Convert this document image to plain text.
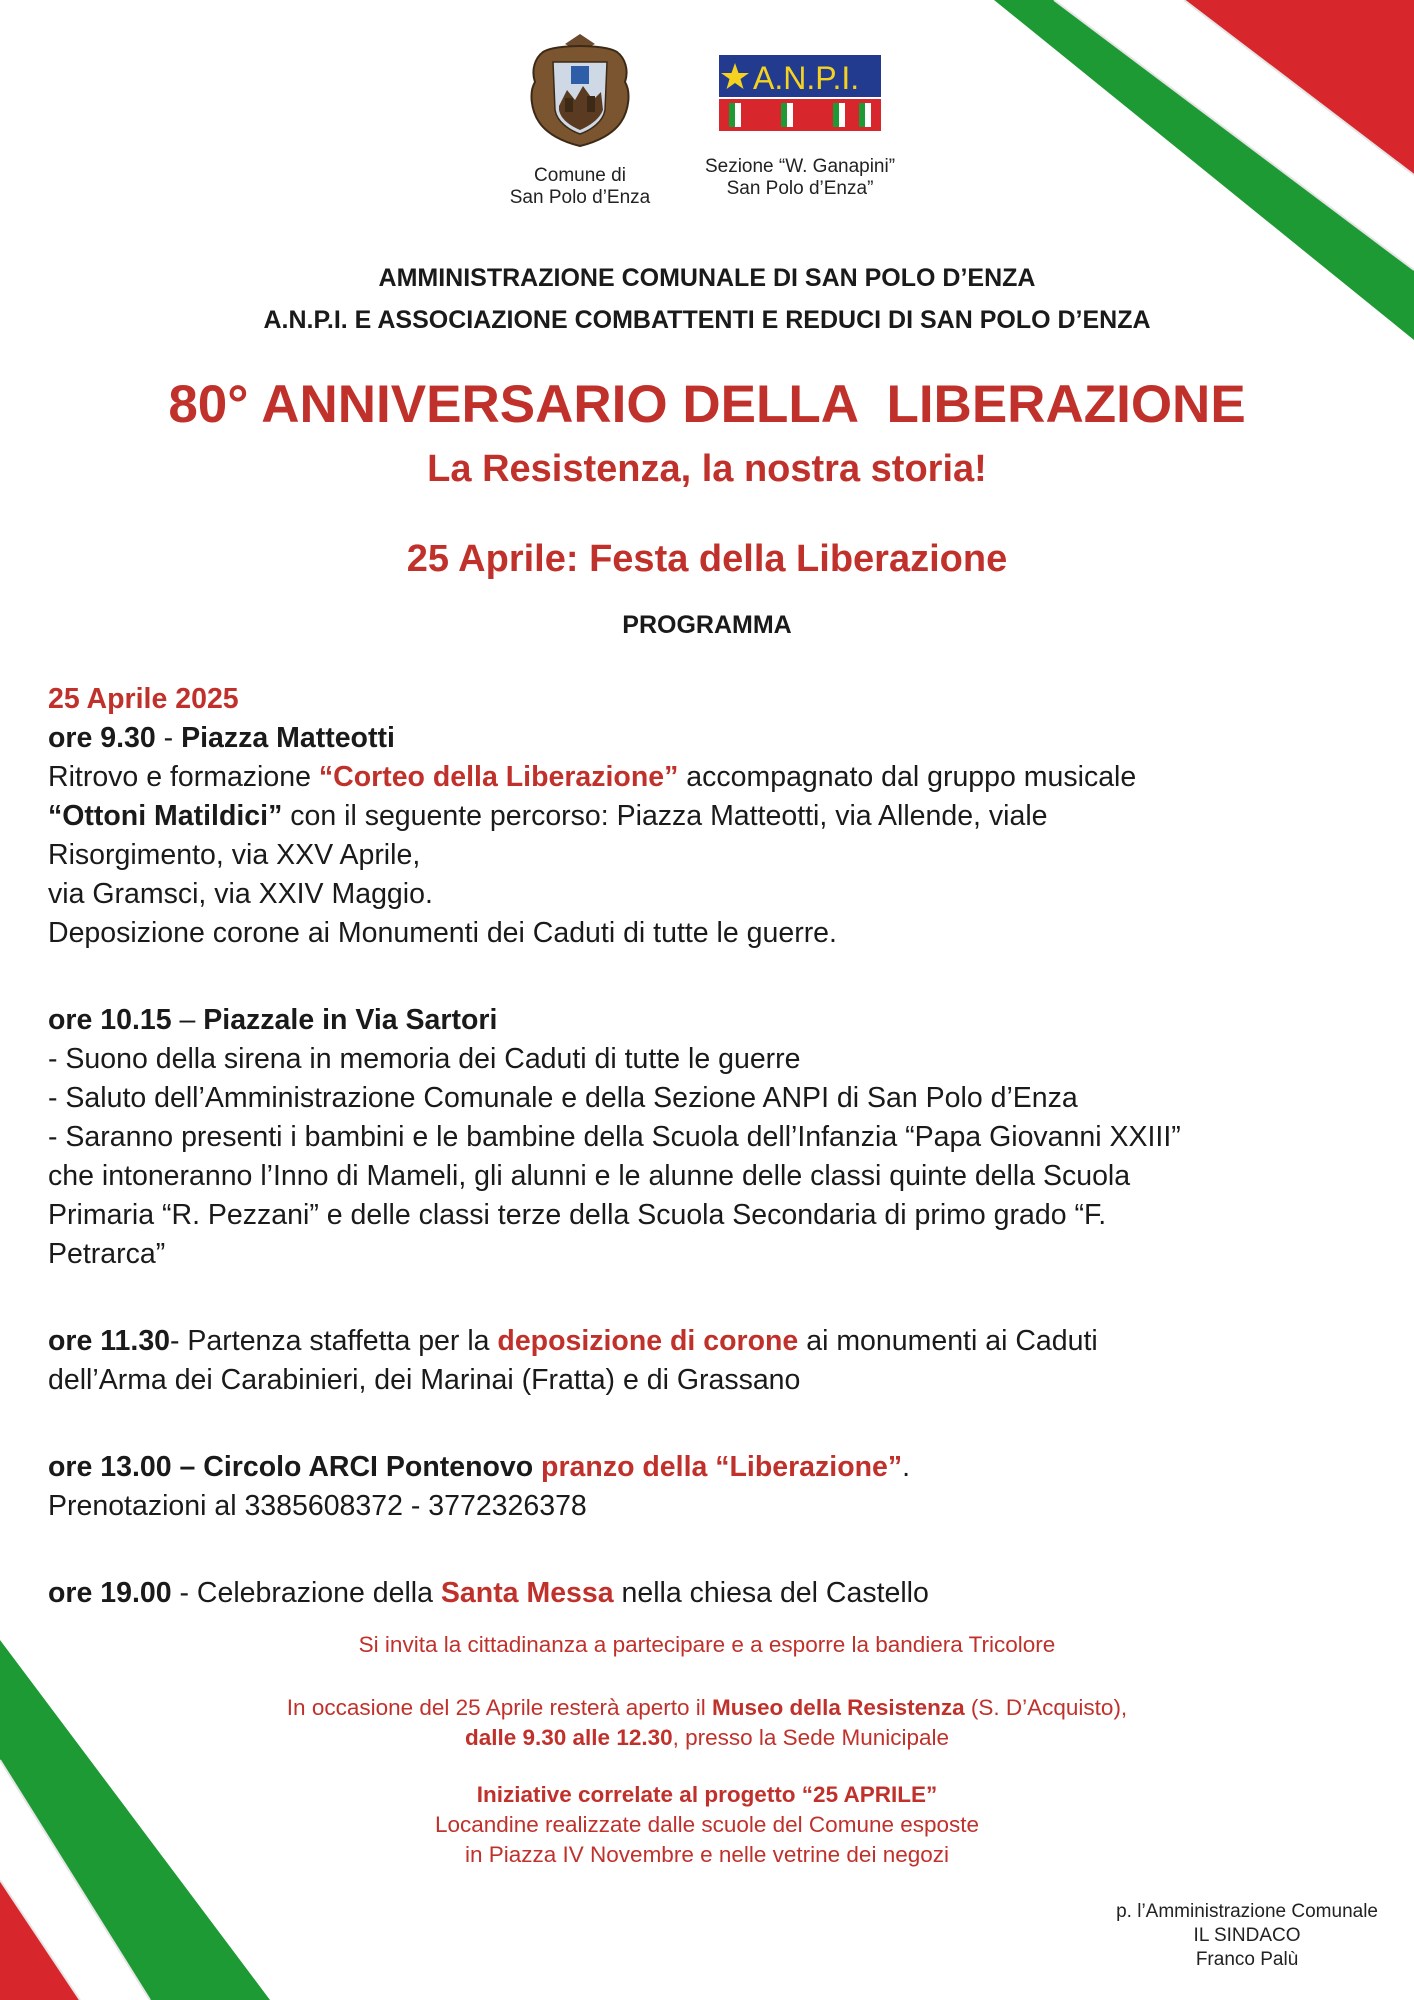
Comune di
San Polo d’Enza
A.N.P.I.
Sezione “W. Ganapini”
San Polo d’Enza”
AMMINISTRAZIONE COMUNALE DI SAN POLO D’ENZA
A.N.P.I. E ASSOCIAZIONE COMBATTENTI E REDUCI DI SAN POLO D’ENZA
80° ANNIVERSARIO DELLA  LIBERAZIONE
La Resistenza, la nostra storia!
25 Aprile: Festa della Liberazione
PROGRAMMA

25 Aprile 2025

ore 9.30 - Piazza Matteotti

Ritrovo e formazione “Corteo della Liberazione” accompagnato dal gruppo musicale

“Ottoni Matildici” con il seguente percorso: Piazza Matteotti, via Allende, viale

Risorgimento, via XXV Aprile,

via Gramsci, via XXIV Maggio.

Deposizione corone ai Monumenti dei Caduti di tutte le guerre.

ore 10.15 – Piazzale in Via Sartori

- Suono della sirena in memoria dei Caduti di tutte le guerre

- Saluto dell’Amministrazione Comunale e della Sezione ANPI di San Polo d’Enza

- Saranno presenti i bambini e le bambine della Scuola dell’Infanzia “Papa Giovanni XXIII”

che intoneranno l’Inno di Mameli, gli alunni e le alunne delle classi quinte della Scuola

Primaria “R. Pezzani” e delle classi terze della Scuola Secondaria di primo grado “F.

Petrarca”

ore 11.30- Partenza staffetta per la deposizione di corone ai monumenti ai Caduti

dell’Arma dei Carabinieri, dei Marinai (Fratta) e di Grassano

ore 13.00 – Circolo ARCI Pontenovo pranzo della “Liberazione”.

Prenotazioni al 3385608372 - 3772326378

ore 19.00 - Celebrazione della Santa Messa nella chiesa del Castello

Si invita la cittadinanza a partecipare e a esporre la bandiera Tricolore
In occasione del 25 Aprile resterà aperto il Museo della Resistenza (S. D’Acquisto),
dalle 9.30 alle 12.30, presso la Sede Municipale
Iniziative correlate al progetto “25 APRILE”
Locandine realizzate dalle scuole del Comune esposte
in Piazza IV Novembre e nelle vetrine dei negozi
p. l’Amministrazione Comunale
IL SINDACO
Franco Palù
